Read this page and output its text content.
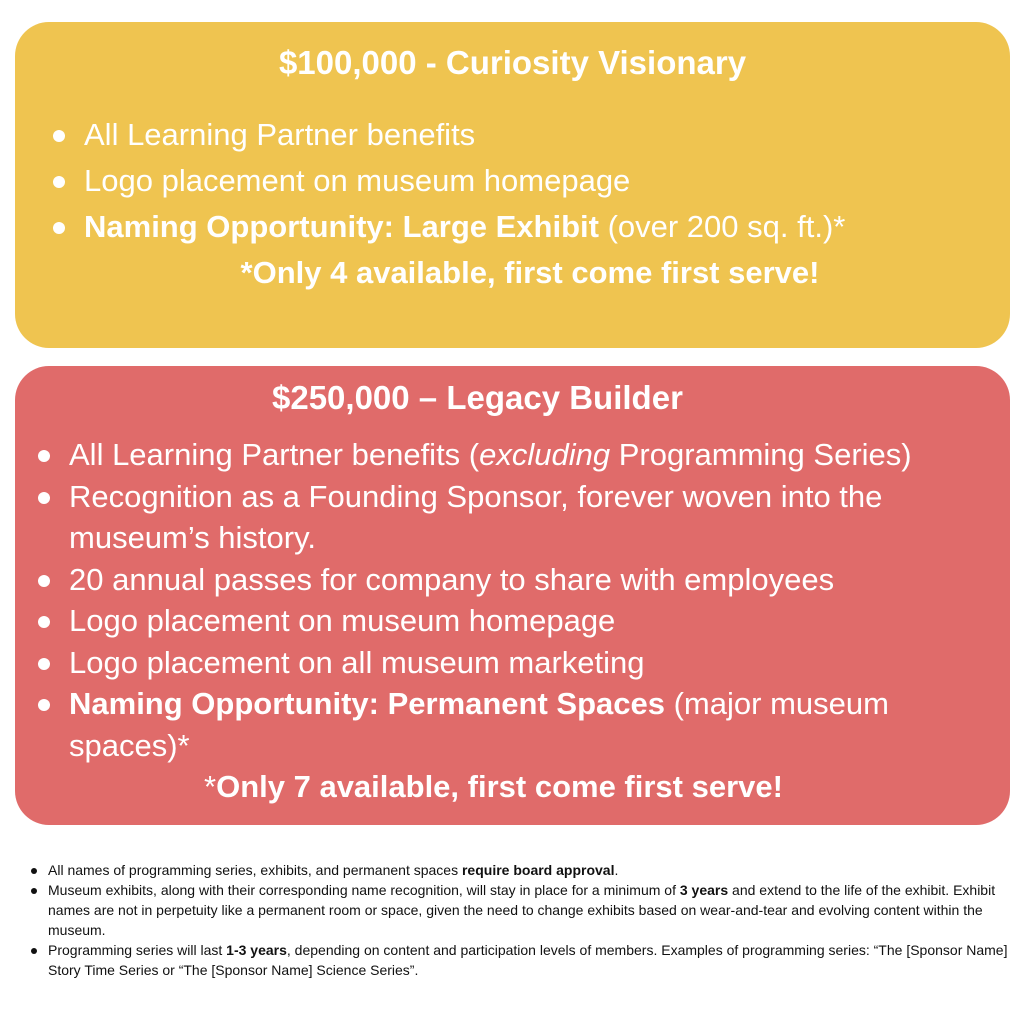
$100,000 - Curiosity Visionary
All Learning Partner benefits
Logo placement on museum homepage
Naming Opportunity: Large Exhibit (over 200 sq. ft.)*
*Only 4 available, first come first serve!
$250,000 – Legacy Builder
All Learning Partner benefits (excluding Programming Series)
Recognition as a Founding Sponsor, forever woven into the museum’s history.
20 annual passes for company to share with employees
Logo placement on museum homepage
Logo placement on all museum marketing
Naming Opportunity: Permanent Spaces (major museum spaces)*
*Only 7 available, first come first serve!
All names of programming series, exhibits, and permanent spaces require board approval.
Museum exhibits, along with their corresponding name recognition, will stay in place for a minimum of 3 years and extend to the life of the exhibit. Exhibit names are not in perpetuity like a permanent room or space, given the need to change exhibits based on wear-and-tear and evolving content within the museum.
Programming series will last 1-3 years, depending on content and participation levels of members. Examples of programming series: “The [Sponsor Name] Story Time Series or “The [Sponsor Name] Science Series”.
